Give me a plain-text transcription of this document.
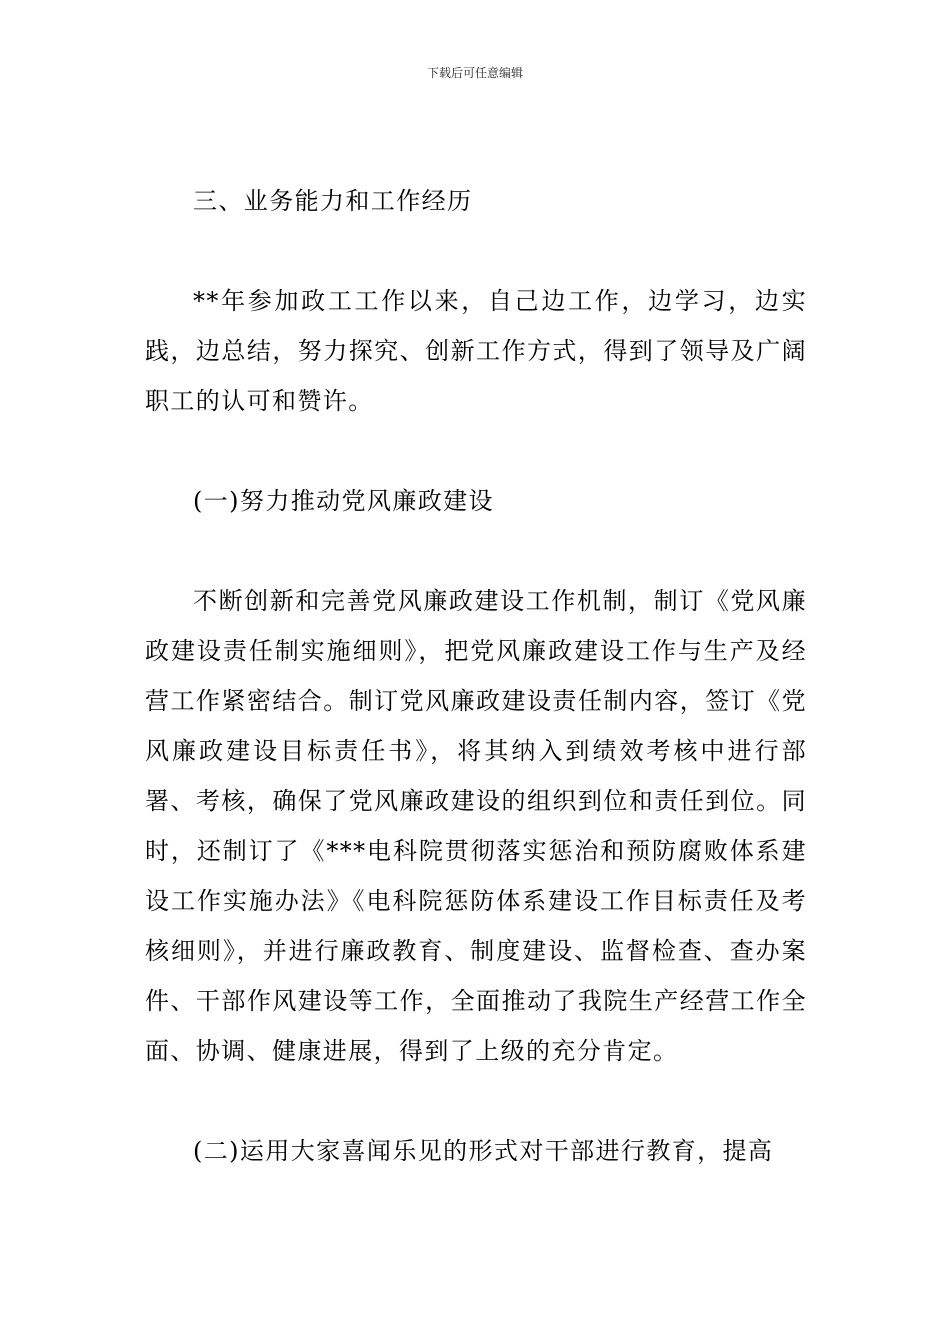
下载后可任意编辑

三、业务能力和工作经历

**年参加政工工作以来，自己边工作，边学习，边实践，边总结，努力探究、创新工作方式，得到了领导及广阔职工的认可和赞许。

(一)努力推动党风廉政建设

不断创新和完善党风廉政建设工作机制，制订《党风廉政建设责任制实施细则》，把党风廉政建设工作与生产及经营工作紧密结合。制订党风廉政建设责任制内容，签订《党风廉政建设目标责任书》，将其纳入到绩效考核中进行部署、考核，确保了党风廉政建设的组织到位和责任到位。同时，还制订了《***电科院贯彻落实惩治和预防腐败体系建设工作实施办法》《电科院惩防体系建设工作目标责任及考核细则》，并进行廉政教育、制度建设、监督检查、查办案件、干部作风建设等工作，全面推动了我院生产经营工作全面、协调、健康进展，得到了上级的充分肯定。

(二)运用大家喜闻乐见的形式对干部进行教育，提高
